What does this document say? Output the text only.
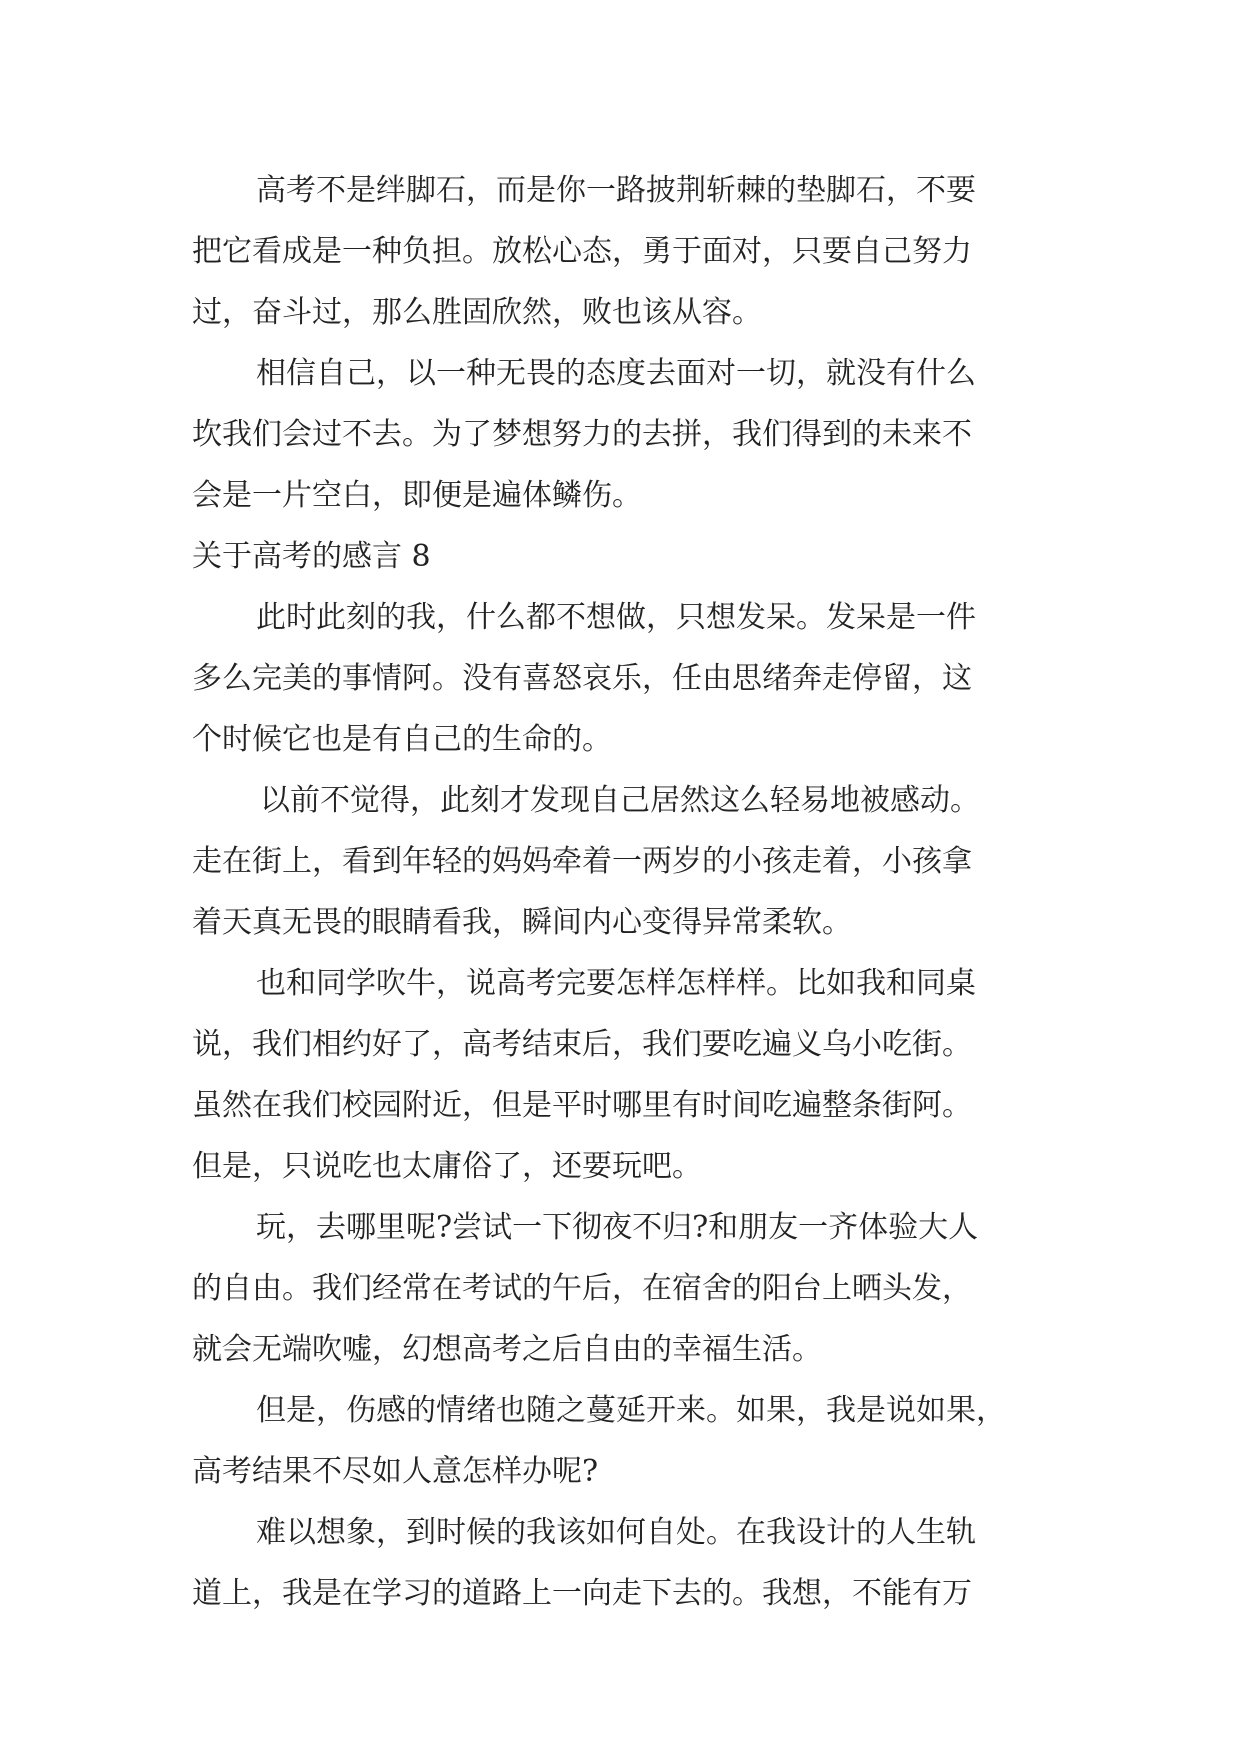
高考不是绊脚石，而是你一路披荆斩棘的垫脚石，不要
把它看成是一种负担。放松心态，勇于面对，只要自己努力
过，奋斗过，那么胜固欣然，败也该从容。
相信自己，以一种无畏的态度去面对一切，就没有什么
坎我们会过不去。为了梦想努力的去拼，我们得到的未来不
会是一片空白，即便是遍体鳞伤。
关于高考的感言 8
此时此刻的我，什么都不想做，只想发呆。发呆是一件
多么完美的事情阿。没有喜怒哀乐，任由思绪奔走停留，这
个时候它也是有自己的生命的。
以前不觉得，此刻才发现自己居然这么轻易地被感动。
走在街上，看到年轻的妈妈牵着一两岁的小孩走着，小孩拿
着天真无畏的眼睛看我，瞬间内心变得异常柔软。
也和同学吹牛，说高考完要怎样怎样样。比如我和同桌
说，我们相约好了，高考结束后，我们要吃遍义乌小吃街。
虽然在我们校园附近，但是平时哪里有时间吃遍整条街阿。
但是，只说吃也太庸俗了，还要玩吧。
玩，去哪里呢?尝试一下彻夜不归?和朋友一齐体验大人
的自由。我们经常在考试的午后，在宿舍的阳台上晒头发，
就会无端吹嘘，幻想高考之后自由的幸福生活。
但是，伤感的情绪也随之蔓延开来。如果，我是说如果，
高考结果不尽如人意怎样办呢?
难以想象，到时候的我该如何自处。在我设计的人生轨
道上，我是在学习的道路上一向走下去的。我想，不能有万
